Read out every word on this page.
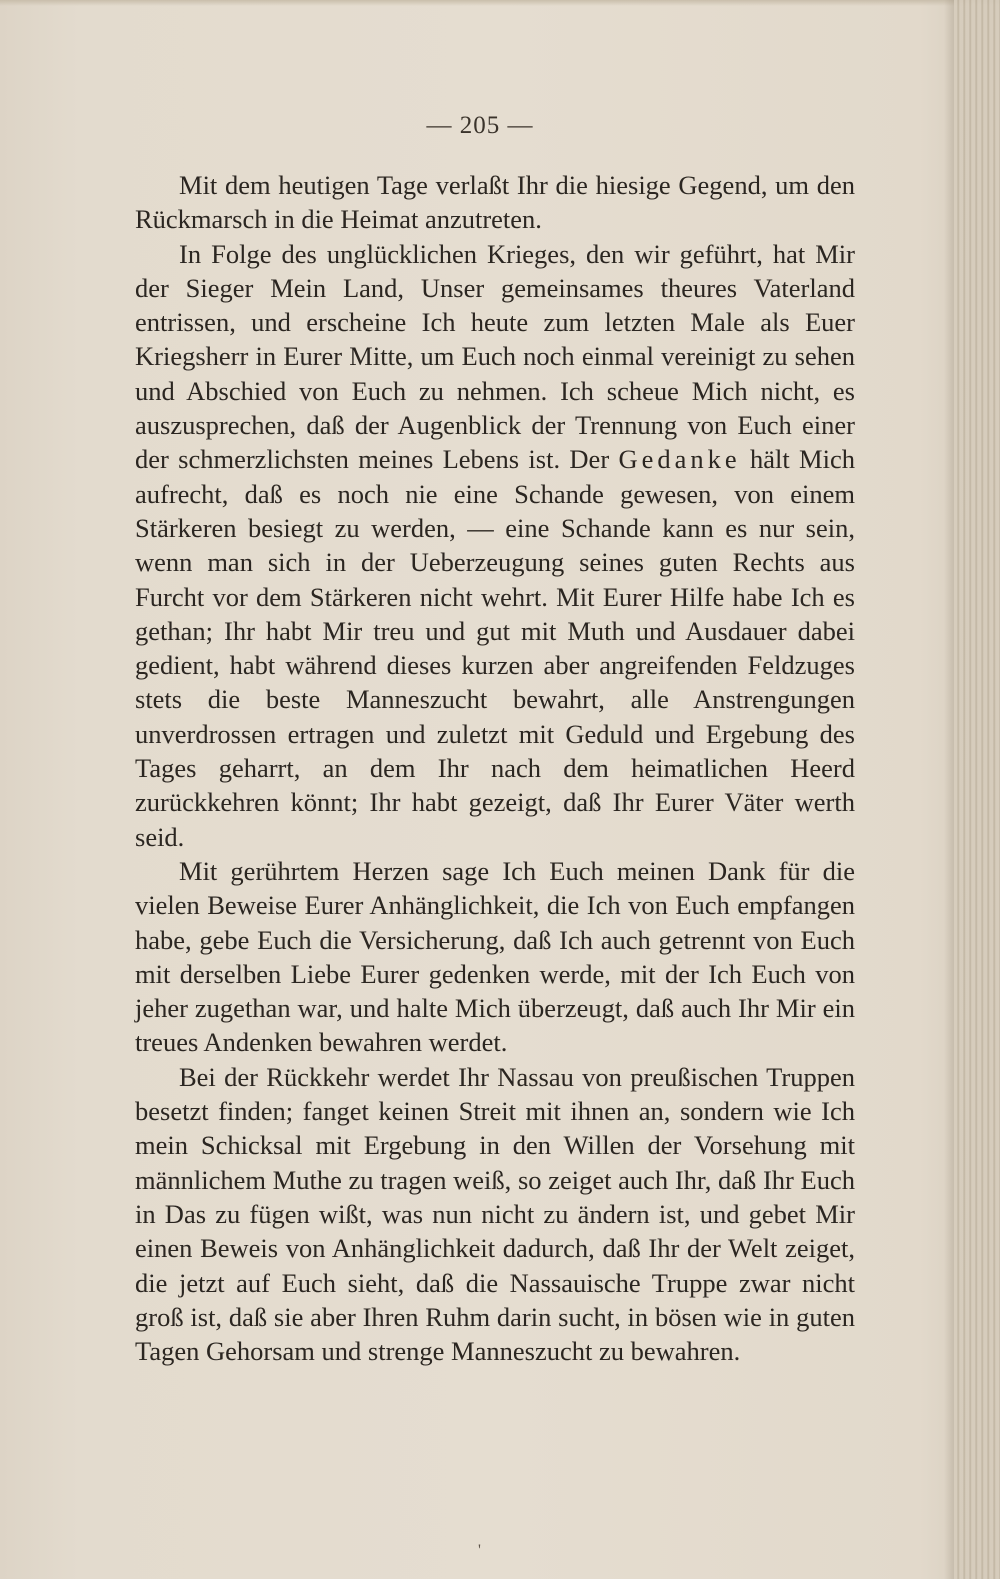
— 205 —

Mit dem heutigen Tage verlaßt Ihr die hiesige Gegend, um den Rückmarsch in die Heimat anzutreten.

In Folge des unglücklichen Krieges, den wir geführt, hat Mir der Sieger Mein Land, Unser gemeinsames theures Vaterland entrissen, und erscheine Ich heute zum letzten Male als Euer Kriegsherr in Eurer Mitte, um Euch noch einmal vereinigt zu sehen und Abschied von Euch zu nehmen. Ich scheue Mich nicht, es auszusprechen, daß der Augenblick der Trennung von Euch einer der schmerzlichsten meines Lebens ist. Der Gedanke hält Mich aufrecht, daß es noch nie eine Schande gewesen, von einem Stärkeren besiegt zu werden, — eine Schande kann es nur sein, wenn man sich in der Ueberzeugung seines guten Rechts aus Furcht vor dem Stärkeren nicht wehrt. Mit Eurer Hilfe habe Ich es gethan; Ihr habt Mir treu und gut mit Muth und Ausdauer dabei gedient, habt während dieses kurzen aber angreifenden Feldzuges stets die beste Manneszucht bewahrt, alle Anstrengungen unverdrossen ertragen und zuletzt mit Geduld und Ergebung des Tages geharrt, an dem Ihr nach dem heimatlichen Heerd zurückkehren könnt; Ihr habt gezeigt, daß Ihr Eurer Väter werth seid.

Mit gerührtem Herzen sage Ich Euch meinen Dank für die vielen Beweise Eurer Anhänglichkeit, die Ich von Euch empfangen habe, gebe Euch die Versicherung, daß Ich auch getrennt von Euch mit derselben Liebe Eurer gedenken werde, mit der Ich Euch von jeher zugethan war, und halte Mich überzeugt, daß auch Ihr Mir ein treues Andenken bewahren werdet.

Bei der Rückkehr werdet Ihr Nassau von preußischen Truppen besetzt finden; fanget keinen Streit mit ihnen an, sondern wie Ich mein Schicksal mit Ergebung in den Willen der Vorsehung mit männlichem Muthe zu tragen weiß, so zeiget auch Ihr, daß Ihr Euch in Das zu fügen wißt, was nun nicht zu ändern ist, und gebet Mir einen Beweis von Anhänglichkeit dadurch, daß Ihr der Welt zeiget, die jetzt auf Euch sieht, daß die Nassauische Truppe zwar nicht groß ist, daß sie aber Ihren Ruhm darin sucht, in bösen wie in guten Tagen Gehorsam und strenge Manneszucht zu bewahren.

'
